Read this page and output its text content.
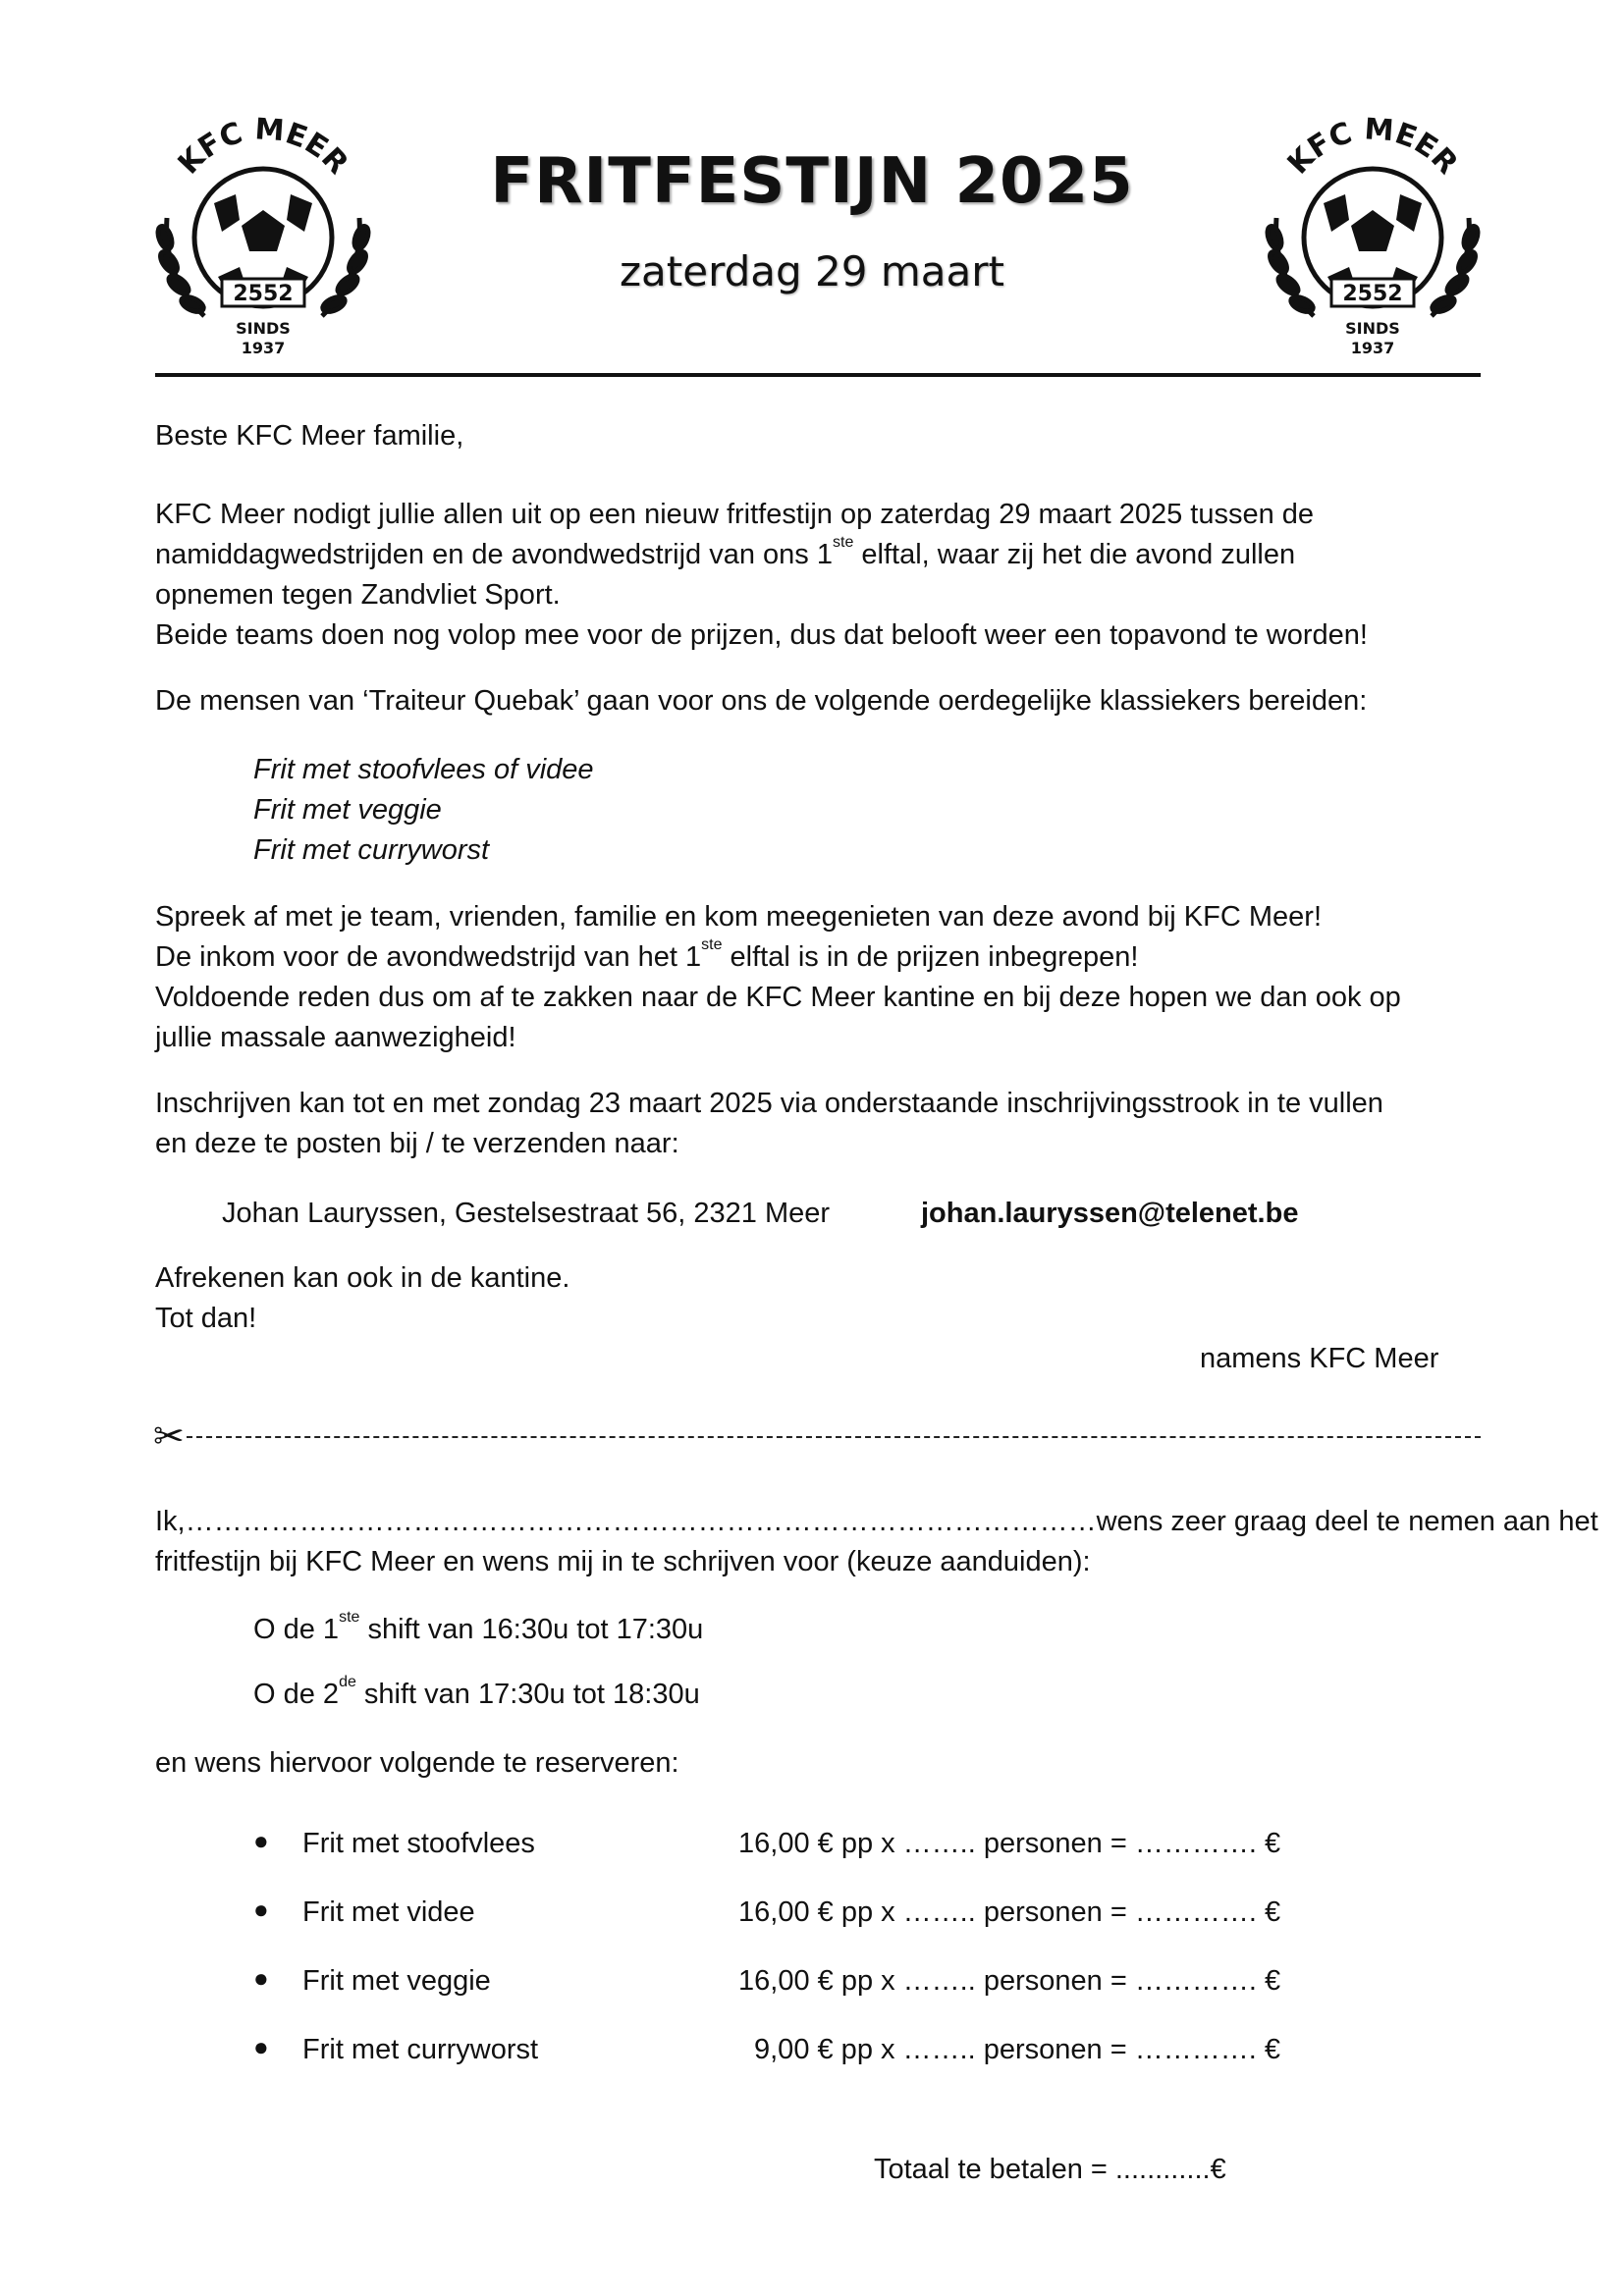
KFC MEER
2552
SINDS
1937
KFC MEER
2552
SINDS
1937
FRITFESTIJN 2025
zaterdag 29 maart
Beste KFC Meer familie,
KFC Meer nodigt jullie allen uit op een nieuw fritfestijn op zaterdag 29 maart 2025 tussen de
namiddagwedstrijden en de avondwedstrijd van ons 1ste elftal, waar zij het die avond zullen
opnemen tegen Zandvliet Sport.
Beide teams doen nog volop mee voor de prijzen, dus dat belooft weer een topavond te worden!
De mensen van ‘Traiteur Quebak’ gaan voor ons de volgende oerdegelijke klassiekers bereiden:
Frit met stoofvlees of videe
Frit met veggie
Frit met curryworst
Spreek af met je team, vrienden, familie en kom meegenieten van deze avond bij KFC Meer!
De inkom voor de avondwedstrijd van het 1ste elftal is in de prijzen inbegrepen!
Voldoende reden dus om af te zakken naar de KFC Meer kantine en bij deze hopen we dan ook op
jullie massale aanwezigheid!
Inschrijven kan tot en met zondag 23 maart 2025 via onderstaande inschrijvingsstrook in te vullen
en deze te posten bij / te verzenden naar:
Johan Lauryssen, Gestelsestraat 56, 2321 Meer	johan.lauryssen@telenet.be
Afrekenen kan ook in de kantine.
Tot dan!
namens KFC Meer
✂
Ik,……………………………………………………………………………………wens zeer graag deel te nemen aan het
fritfestijn bij KFC Meer en wens mij in te schrijven voor (keuze aanduiden):
O de 1ste shift van 16:30u tot 17:30u
O de 2de shift van 17:30u tot 18:30u
en wens hiervoor volgende te reserveren:
● Frit met stoofvlees	16,00 € pp x …….. personen = …………. €
● Frit met videe	16,00 € pp x …….. personen = …………. €
● Frit met veggie	16,00 € pp x …….. personen = …………. €
● Frit met curryworst	9,00 € pp x …….. personen = …………. €
Totaal te betalen = ............€
